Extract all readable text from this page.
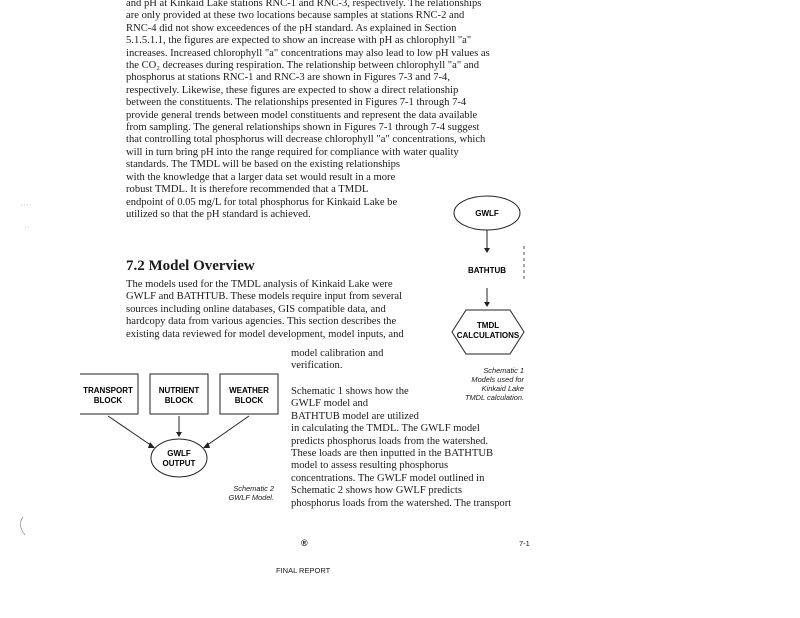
and pH at Kinkaid Lake stations RNC-1 and RNC-3, respectively. The relationships
are only provided at these two locations because samples at stations RNC-2 and
RNC-4 did not show exceedences of the pH standard. As explained in Section
5.1.5.1.1, the figures are expected to show an increase with pH as chlorophyll "a"
increases. Increased chlorophyll "a" concentrations may also lead to low pH values as
the CO₂ decreases during respiration. The relationship between chlorophyll "a" and
phosphorus at stations RNC-1 and RNC-3 are shown in Figures 7-3 and 7-4,
respectively. Likewise, these figures are expected to show a direct relationship
between the constituents. The relationships presented in Figures 7-1 through 7-4
provide general trends between model constituents and represent the data available
from sampling. The general relationships shown in Figures 7-1 through 7-4 suggest
that controlling total phosphorus will decrease chlorophyll "a" concentrations, which
will in turn bring pH into the range required for compliance with water quality
standards. The TMDL will be based on the existing relationships
with the knowledge that a larger data set would result in a more
robust TMDL. It is therefore recommended that a TMDL
endpoint of 0.05 mg/L for total phosphorus for Kinkaid Lake be
utilized so that the pH standard is achieved.
7.2 Model Overview
The models used for the TMDL analysis of Kinkaid Lake were
GWLF and BATHTUB. These models require input from several
sources including online databases, GIS compatible data, and
hardcopy data from various agencies. This section describes the
existing data reviewed for model development, model inputs, and
model calibration and
verification.
Schematic 1 shows how the
GWLF model and
BATHTUB model are utilized
in calculating the TMDL. The GWLF model
predicts phosphorus loads from the watershed.
These loads are then inputted in the BATHTUB
model to assess resulting phosphorus
concentrations. The GWLF model outlined in
Schematic 2 shows how GWLF predicts
phosphorus loads from the watershed. The transport
GWLF
BATHTUB
TMDL
CALCULATIONS
Schematic 1
Models used for
Kinkaid Lake
TMDL calculation.
TRANSPORT
BLOCK
NUTRIENT
BLOCK
WEATHER
BLOCK
GWLF
OUTPUT
Schematic 2
GWLF Model.
®	7-1
FINAL REPORT
